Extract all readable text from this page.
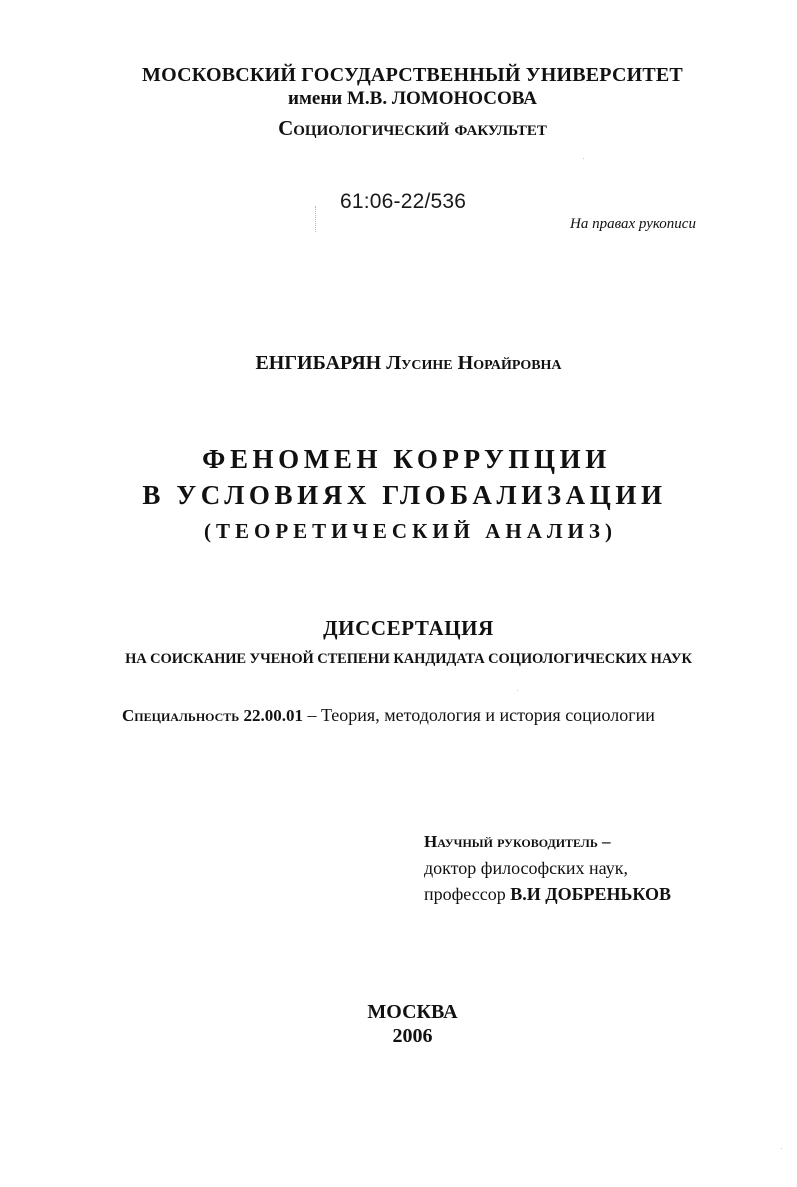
МОСКОВСКИЙ ГОСУДАРСТВЕННЫЙ УНИВЕРСИТЕТ
имени М.В. ЛОМОНОСОВА
Социологический факультет
61:06-22/536
На правах рукописи
ЕНГИБАРЯН Лусине Норайровна
ФЕНОМЕН КОРРУПЦИИ
В УСЛОВИЯХ ГЛОБАЛИЗАЦИИ
(ТЕОРЕТИЧЕСКИЙ АНАЛИЗ)
ДИССЕРТАЦИЯ
НА СОИСКАНИЕ УЧЕНОЙ СТЕПЕНИ КАНДИДАТА СОЦИОЛОГИЧЕСКИХ НАУК
Специальность 22.00.01 – Теория, методология и история социологии
Научный руководитель –
доктор философских наук,
профессор В.И ДОБРЕНЬКОВ
МОСКВА
2006
